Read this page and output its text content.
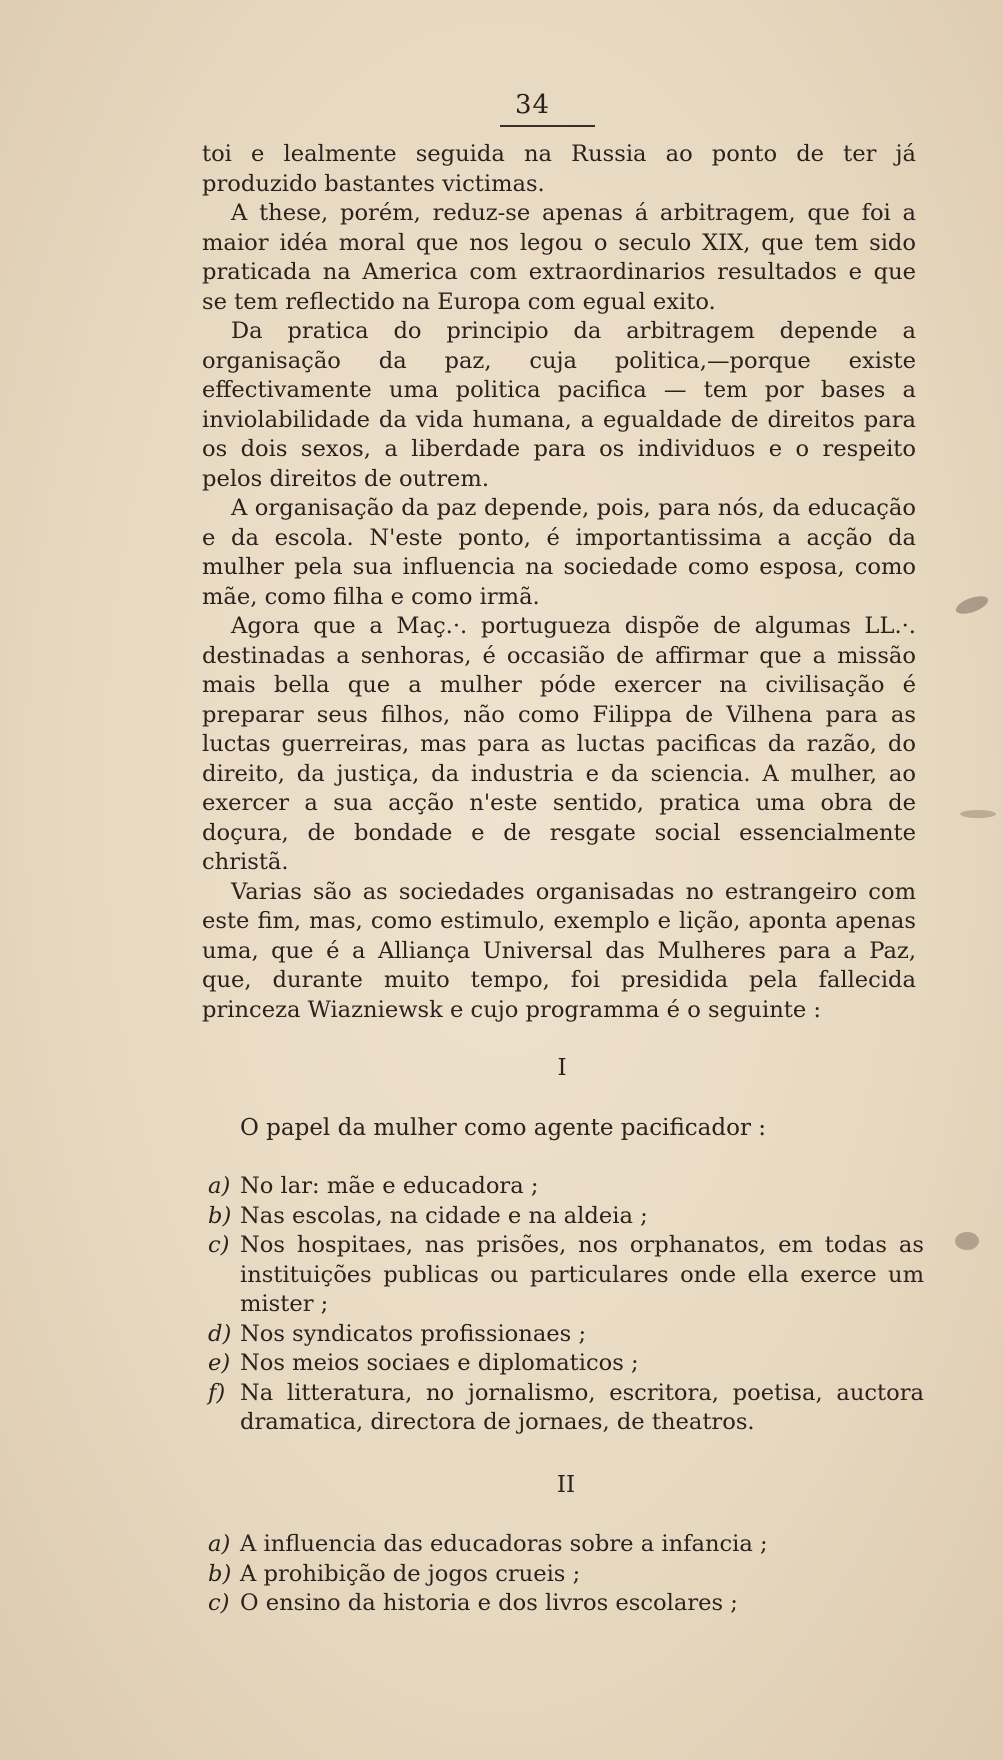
34

toi e lealmente seguida na Russia ao ponto de ter já produzido bastantes victimas.

A these, porém, reduz-se apenas á arbitragem, que foi a maior idéa moral que nos legou o seculo XIX, que tem sido praticada na America com extraordinarios resultados e que se tem reflectido na Europa com egual exito.

Da pratica do principio da arbitragem depende a organisação da paz, cuja politica,—porque existe effectivamente uma politica pacifica — tem por bases a inviolabilidade da vida humana, a egualdade de direitos para os dois sexos, a liberdade para os individuos e o respeito pelos direitos de outrem.

A organisação da paz depende, pois, para nós, da educação e da escola. N'este ponto, é importantissima a acção da mulher pela sua influencia na sociedade como esposa, como mãe, como filha e como irmã.

Agora que a Maç.·. portugueza dispõe de algumas LL.·. destinadas a senhoras, é occasião de affirmar que a missão mais bella que a mulher póde exercer na civilisação é preparar seus filhos, não como Filippa de Vilhena para as luctas guerreiras, mas para as luctas pacificas da razão, do direito, da justiça, da industria e da sciencia. A mulher, ao exercer a sua acção n'este sentido, pratica uma obra de doçura, de bondade e de resgate social essencialmente christã.

Varias são as sociedades organisadas no estrangeiro com este fim, mas, como estimulo, exemplo e lição, aponta apenas uma, que é a Alliança Universal das Mulheres para a Paz, que, durante muito tempo, foi presidida pela fallecida princeza Wiazniewsk e cujo programma é o seguinte :

I
O papel da mulher como agente pacificador :
a) No lar: mãe e educadora ;
b) Nas escolas, na cidade e na aldeia ;
c) Nos hospitaes, nas prisões, nos orphanatos, em todas as instituições publicas ou particulares onde ella exerce um mister ;
d) Nos syndicatos profissionaes ;
e) Nos meios sociaes e diplomaticos ;
f) Na litteratura, no jornalismo, escritora, poetisa, auctora dramatica, directora de jornaes, de theatros.
II
a) A influencia das educadoras sobre a infancia ;
b) A prohibição de jogos crueis ;
c) O ensino da historia e dos livros escolares ;
